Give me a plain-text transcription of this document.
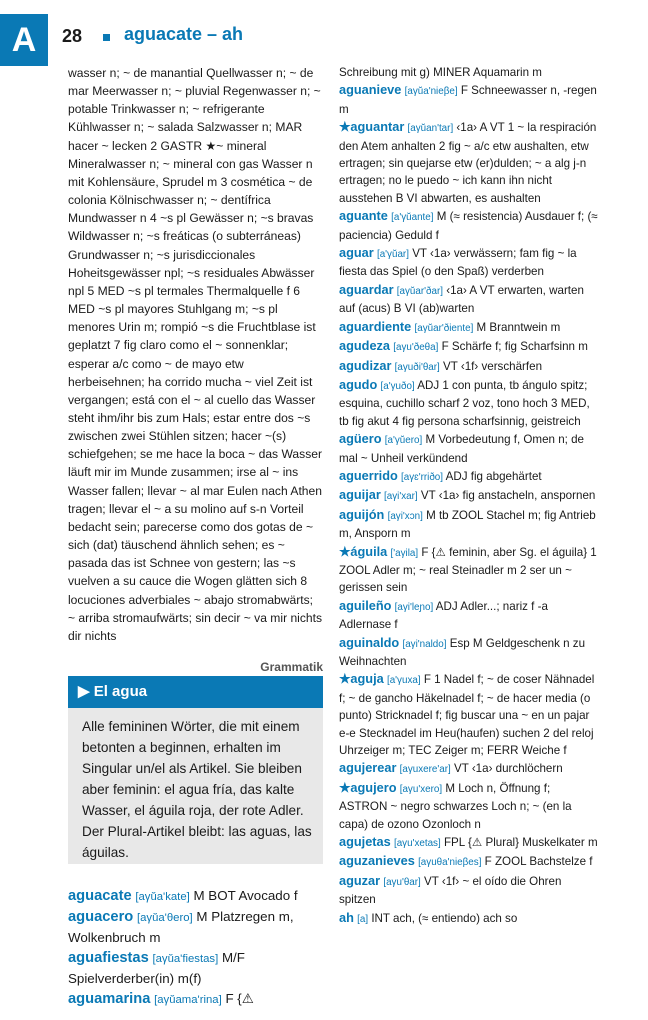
A	28 aguacate – ah

wasser n; ~ de manantial Quellwasser n; ~ de mar Meerwasser n; ~ pluvial Regenwasser n; ~ potable Trinkwasser n; ~ refrigerante Kühlwasser n; ~ salada Salzwasser n; MAR hacer ~ lecken 2 GASTR ★~ mineral Mineralwasser n; ~ mineral con gas Wasser n mit Kohlensäure, Sprudel m 3 cosmética ~ de colonia Kölnischwasser n; ~ dentífrica Mundwasser n 4 ~s pl Gewässer n; ~s bravas Wildwasser n; ~s freáticas (o subterráneas) Grundwasser n; ~s jurisdiccionales Hoheitsgewässer npl; ~s residuales Abwässer npl 5 MED ~s pl termales Thermalquelle f 6 MED ~s pl mayores Stuhlgang m; ~s pl menores Urin m; rompió ~s die Fruchtblase ist geplatzt 7 fig claro como el ~ sonnenklar; esperar a/c como ~ de mayo etw herbeisehnen; ha corrido mucha ~ viel Zeit ist vergangen; está con el ~ al cuello das Wasser steht ihm/ihr bis zum Hals; estar entre dos ~s zwischen zwei Stühlen sitzen; hacer ~(s) schiefgehen; se me hace la boca ~ das Wasser läuft mir im Munde zusammen; irse al ~ ins Wasser fallen; llevar ~ al mar Eulen nach Athen tragen; llevar el ~ a su molino auf s-n Vorteil bedacht sein; parecerse como dos gotas de ~ sich (dat) täuschend ähnlich sehen; es ~ pasada das ist Schnee von gestern; las ~s vuelven a su cauce die Wogen glätten sich 8 locuciones adverbiales ~ abajo stromabwärts; ~ arriba stromaufwärts; sin decir ~ va mir nichts dir nichts

Grammatik
▶ El agua
Alle femininen Wörter, die mit einem betonten a beginnen, erhalten im Singular un/el als Artikel. Sie bleiben aber feminin: el agua fría, das kalte Wasser, el águila roja, der rote Adler. Der Plural-Artikel bleibt: las aguas, las águilas.

aguacate [aγŭa'kate] M BOT Avocado f

aguacero [aγŭa'θero] M Platzregen m, Wolkenbruch m

aguafiestas [aγŭa'fiestas] M/F Spielverderber(in) m(f)

aguamarina [aγŭama'rina] F {⚠

Schreibung mit g) MINER Aquamarin m

aguanieve [aγŭa'nieβe] F Schneewasser n, -regen m

★aguantar [aγŭan'tar] ‹1a› A VT 1 ~ la respiración den Atem anhalten 2 fig ~ a/c etw aushalten, etw ertragen; sin quejarse etw (er)dulden; ~ a alg j-n ertragen; no le puedo ~ ich kann ihn nicht ausstehen B VI abwarten, es aushalten

aguante [a'γŭante] M (≈ resistencia) Ausdauer f; (≈ paciencia) Geduld f

aguar [a'γŭar] VT ‹1a› verwässern; fam fig ~ la fiesta das Spiel (o den Spaß) verderben

aguardar [aγŭar'ðar] ‹1a› A VT erwarten, warten auf (acus) B VI (ab)warten

aguardiente [aγŭar'ðiente] M Branntwein m

agudeza [aγu'ðeθa] F Schärfe f; fig Scharfsinn m

agudizar [aγuði'θar] VT ‹1f› verschärfen

agudo [a'γuðo] ADJ 1 con punta, tb ángulo spitz; esquina, cuchillo scharf 2 voz, tono hoch 3 MED, tb fig akut 4 fig persona scharfsinnig, geistreich

agüero [a'γŭero] M Vorbedeutung f, Omen n; de mal ~ Unheil verkündend

aguerrido [aγɛ'rriðo] ADJ fig abgehärtet

aguijar [aγi'xar] VT ‹1a› fig anstacheln, anspornen

aguijón [aγi'xɔn] M tb ZOOL Stachel m; fig Antrieb m, Ansporn m

★águila ['aγila] F {⚠ feminin, aber Sg. el águila} 1 ZOOL Adler m; ~ real Steinadler m 2 ser un ~ gerissen sein

aguileño [aγi'leɲo] ADJ Adler...; nariz f -a Adlernase f

aguinaldo [aγi'naldo] Esp M Geldgeschenk n zu Weihnachten

★aguja [a'γuxa] F 1 Nadel f; ~ de coser Nähnadel f; ~ de gancho Häkelnadel f; ~ de hacer media (o punto) Stricknadel f; fig buscar una ~ en un pajar e-e Stecknadel im Heu(haufen) suchen 2 del reloj Uhrzeiger m; TEC Zeiger m; FERR Weiche f

agujerear [aγuxere'ar] VT ‹1a› durchlöchern

★agujero [aγu'xero] M Loch n, Öffnung f; ASTRON ~ negro schwarzes Loch n; ~ (en la capa) de ozono Ozonloch n

agujetas [aγu'xetas] FPL {⚠ Plural} Muskelkater m

aguzanieves [aγuθa'nieβes] F ZOOL Bachstelze f

aguzar [aγu'θar] VT ‹1f› ~ el oído die Ohren spitzen

ah [a] INT ach, (≈ entiendo) ach so
